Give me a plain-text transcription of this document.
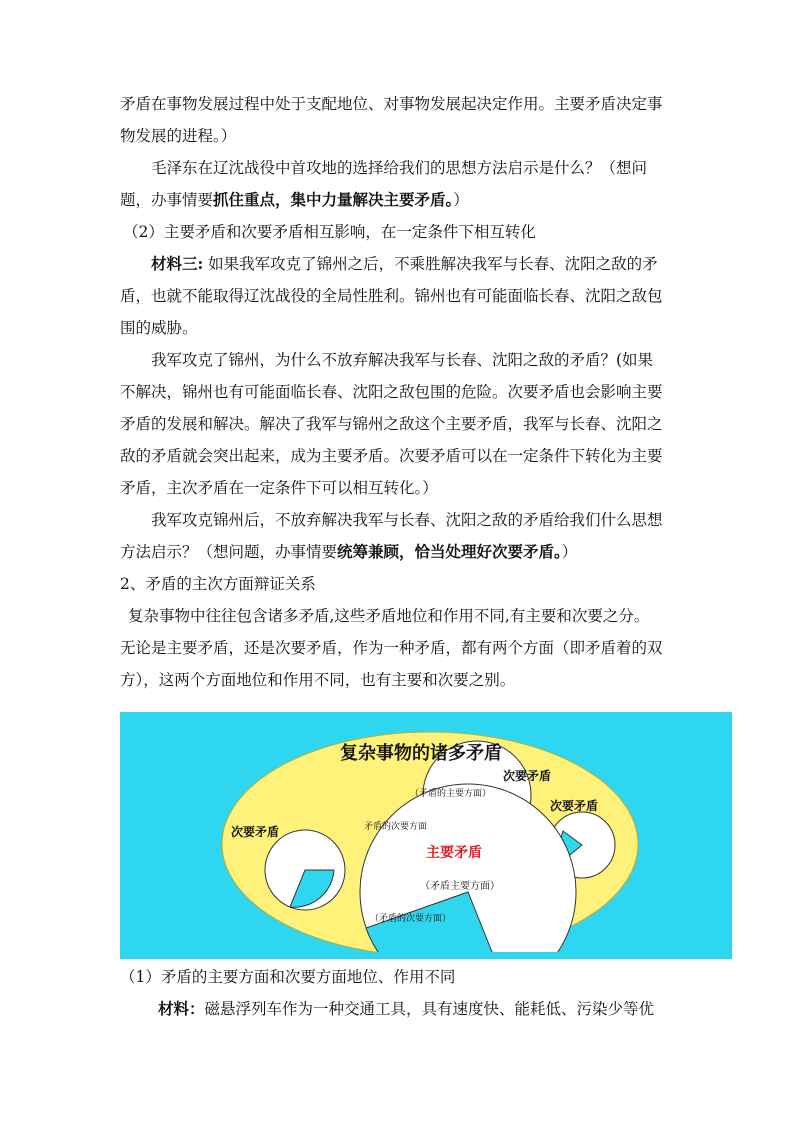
矛盾在事物发展过程中处于支配地位、对事物发展起决定作用。主要矛盾决定事
物发展的进程。）
毛泽东在辽沈战役中首攻地的选择给我们的思想方法启示是什么？（想问
题，办事情要抓住重点，集中力量解决主要矛盾。）
（2）主要矛盾和次要矛盾相互影响，在一定条件下相互转化
材料三: 如果我军攻克了锦州之后，不乘胜解决我军与长春、沈阳之敌的矛
盾，也就不能取得辽沈战役的全局性胜利。锦州也有可能面临长春、沈阳之敌包
围的威胁。
我军攻克了锦州，为什么不放弃解决我军与长春、沈阳之敌的矛盾？(如果
不解决，锦州也有可能面临长春、沈阳之敌包围的危险。次要矛盾也会影响主要
矛盾的发展和解决。解决了我军与锦州之敌这个主要矛盾，我军与长春、沈阳之
敌的矛盾就会突出起来，成为主要矛盾。次要矛盾可以在一定条件下转化为主要
矛盾，主次矛盾在一定条件下可以相互转化。）
我军攻克锦州后，不放弃解决我军与长春、沈阳之敌的矛盾给我们什么思想
方法启示？（想问题，办事情要统筹兼顾，恰当处理好次要矛盾。）
2、矛盾的主次方面辩证关系
复杂事物中往往包含诸多矛盾,这些矛盾地位和作用不同,有主要和次要之分。
无论是主要矛盾，还是次要矛盾，作为一种矛盾，都有两个方面（即矛盾着的双
方），这两个方面地位和作用不同，也有主要和次要之别。
复杂事物的诸多矛盾
次要矛盾
（矛盾的主要方面）
矛盾的次要方面
次要矛盾
次要矛盾
主要矛盾
（矛盾主要方面）
（矛盾的次要方面）
（1）矛盾的主要方面和次要方面地位、作用不同
材料：磁悬浮列车作为一种交通工具，具有速度快、能耗低、污染少等优
